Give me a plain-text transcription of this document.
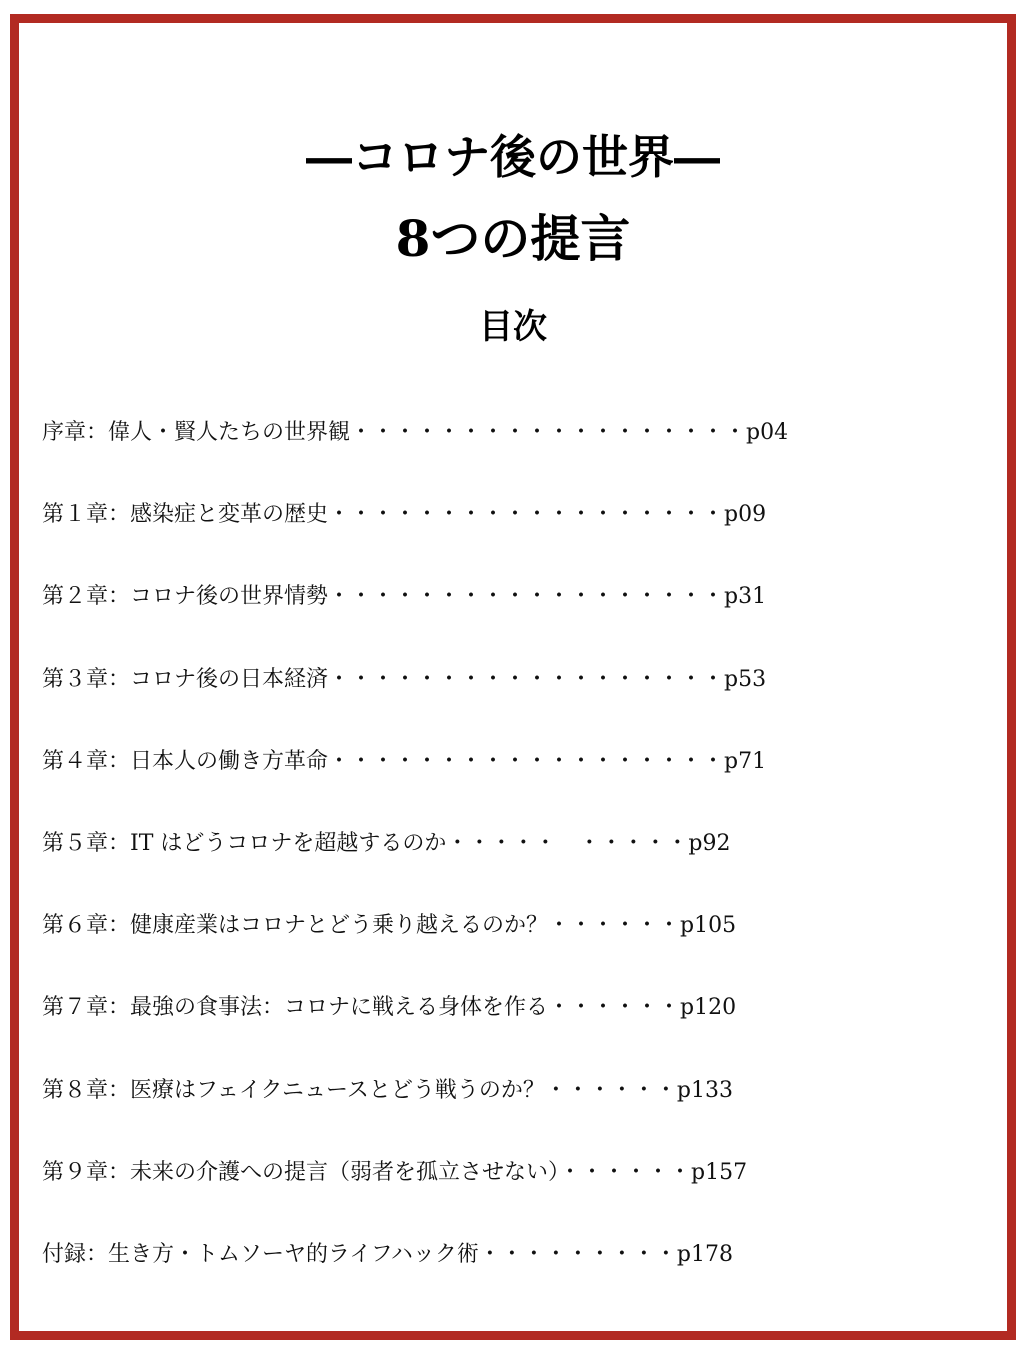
―コロナ後の世界―
8つの提言
目次
序章：偉人・賢人たちの世界観・・・・・・・・・・・・・・・・・・p04
第１章：感染症と変革の歴史・・・・・・・・・・・・・・・・・・p09
第２章：コロナ後の世界情勢・・・・・・・・・・・・・・・・・・p31
第３章：コロナ後の日本経済・・・・・・・・・・・・・・・・・・p53
第４章：日本人の働き方革命・・・・・・・・・・・・・・・・・・p71
第５章：IT はどうコロナを超越するのか・・・・・　・・・・・p92
第６章：健康産業はコロナとどう乗り越えるのか？・・・・・・p105
第７章：最強の食事法：コロナに戦える身体を作る・・・・・・p120
第８章：医療はフェイクニュースとどう戦うのか？・・・・・・p133
第９章：未来の介護への提言（弱者を孤立させない）・・・・・・p157
付録：生き方・トムソーヤ的ライフハック術・・・・・・・・・p178
